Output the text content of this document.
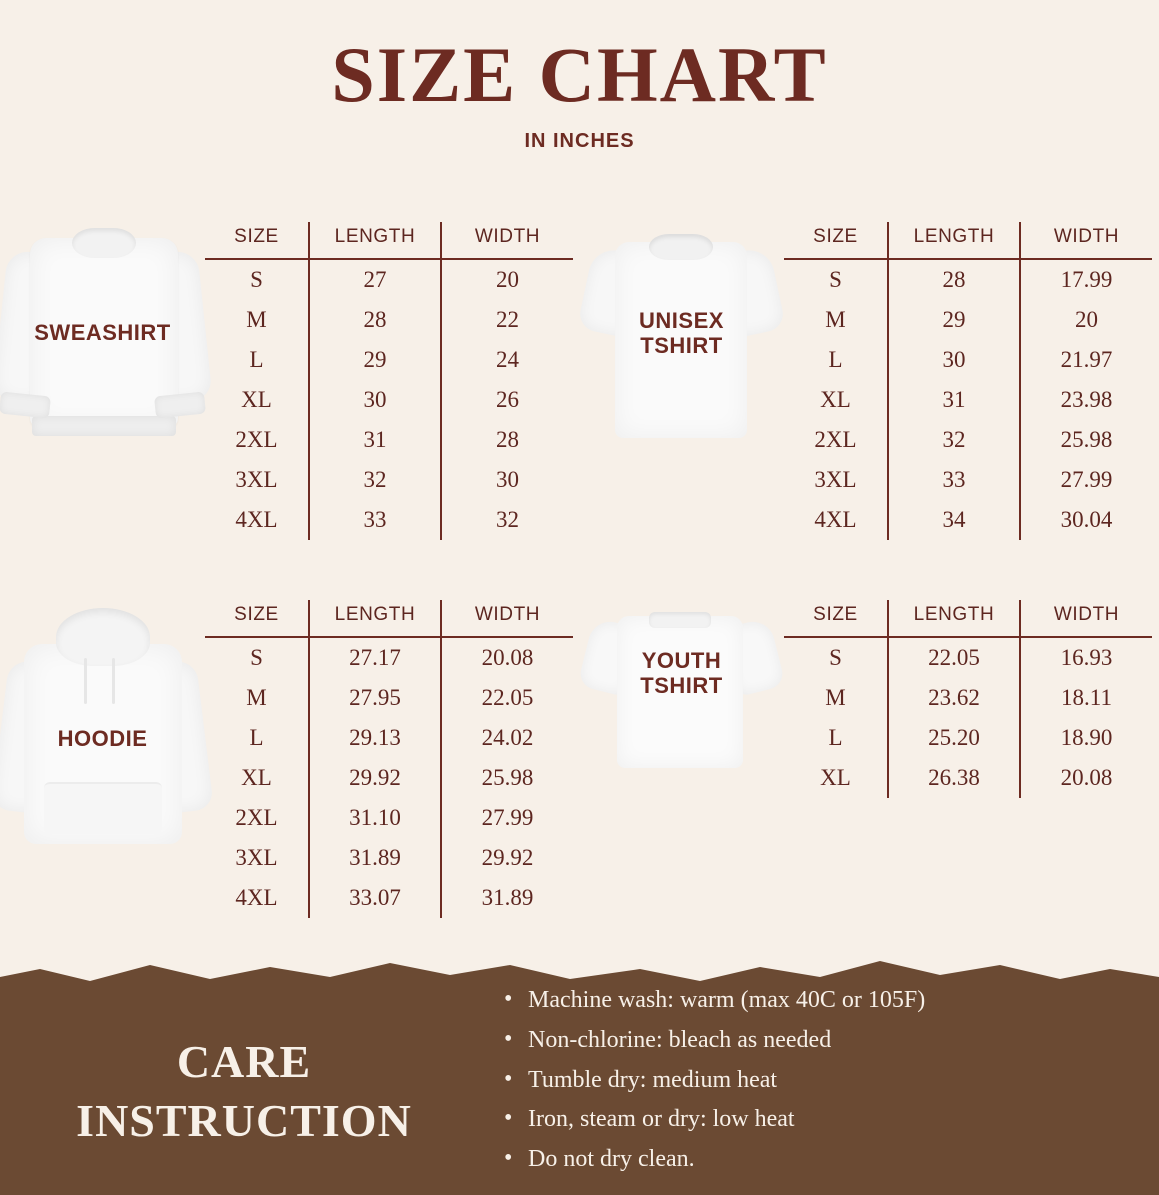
SIZE CHART
IN INCHES
SWEASHIRT
SIZE	LENGTH	WIDTH
S	27	20
M	28	22
L	29	24
XL	30	26
2XL	31	28
3XL	32	30
4XL	33	32
UNISEX
TSHIRT
SIZE	LENGTH	WIDTH
S	28	17.99
M	29	20
L	30	21.97
XL	31	23.98
2XL	32	25.98
3XL	33	27.99
4XL	34	30.04
HOODIE
SIZE	LENGTH	WIDTH
S	27.17	20.08
M	27.95	22.05
L	29.13	24.02
XL	29.92	25.98
2XL	31.10	27.99
3XL	31.89	29.92
4XL	33.07	31.89
YOUTH
TSHIRT
SIZE	LENGTH	WIDTH
S	22.05	16.93
M	23.62	18.11
L	25.20	18.90
XL	26.38	20.08
CARE
INSTRUCTION
• Machine wash: warm (max 40C or 105F)
• Non-chlorine: bleach as needed
• Tumble dry: medium heat
• Iron, steam or dry: low heat
• Do not dry clean.
